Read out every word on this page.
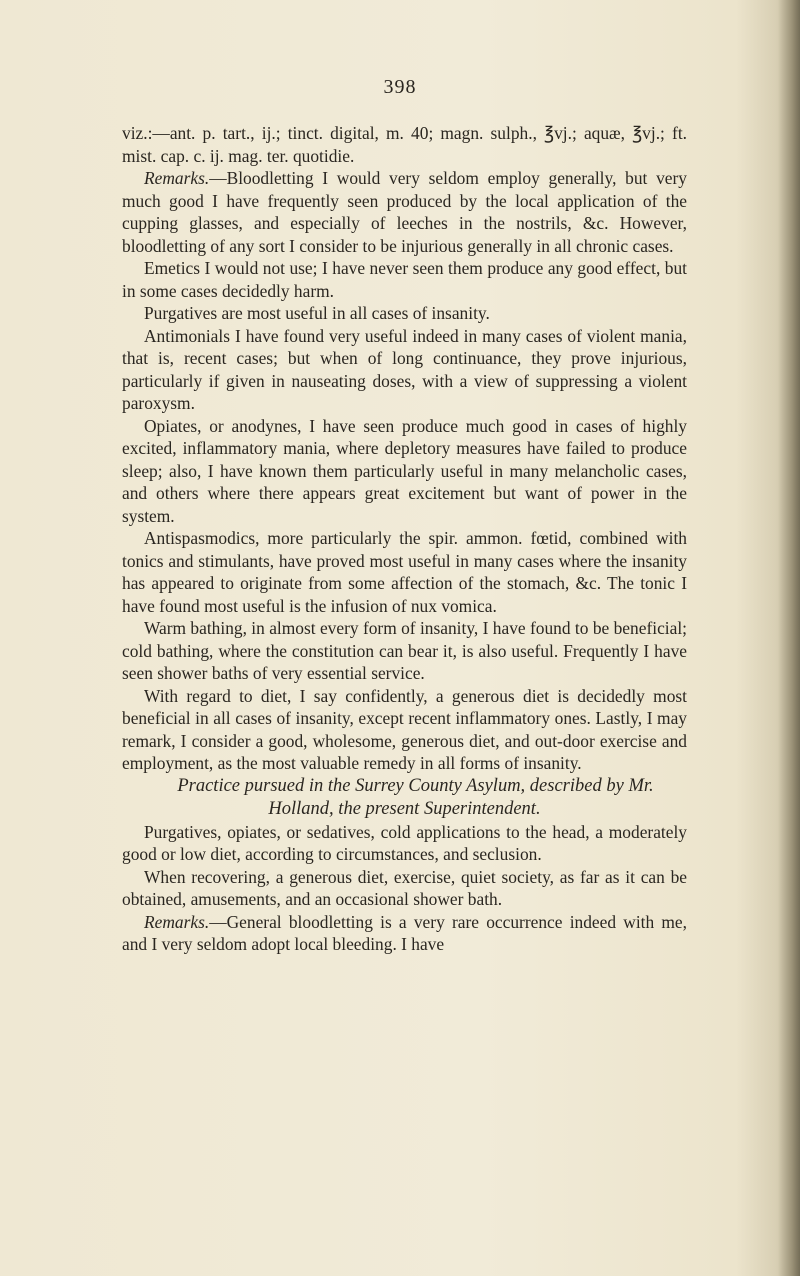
398

viz.:—ant. p. tart., ij.; tinct. digital, m. 40; magn. sulph., ℥vj.; aquæ, ℥vj.; ft. mist. cap. c. ij. mag. ter. quotidie.

Remarks.—Bloodletting I would very seldom employ generally, but very much good I have frequently seen produced by the local application of the cupping glasses, and especially of leeches in the nostrils, &c. However, bloodletting of any sort I consider to be injurious generally in all chronic cases.

Emetics I would not use; I have never seen them produce any good effect, but in some cases decidedly harm.

Purgatives are most useful in all cases of insanity.

Antimonials I have found very useful indeed in many cases of violent mania, that is, recent cases; but when of long continuance, they prove injurious, particularly if given in nauseating doses, with a view of suppressing a violent paroxysm.

Opiates, or anodynes, I have seen produce much good in cases of highly excited, inflammatory mania, where depletory measures have failed to produce sleep; also, I have known them particularly useful in many melancholic cases, and others where there appears great excitement but want of power in the system.

Antispasmodics, more particularly the spir. ammon. fœtid, combined with tonics and stimulants, have proved most useful in many cases where the insanity has appeared to originate from some affection of the stomach, &c. The tonic I have found most useful is the infusion of nux vomica.

Warm bathing, in almost every form of insanity, I have found to be beneficial; cold bathing, where the constitution can bear it, is also useful. Frequently I have seen shower baths of very essential service.

With regard to diet, I say confidently, a generous diet is decidedly most beneficial in all cases of insanity, except recent inflammatory ones. Lastly, I may remark, I consider a good, wholesome, generous diet, and out-door exercise and employment, as the most valuable remedy in all forms of insanity.

Practice pursued in the Surrey County Asylum, described by Mr. Holland, the present Superintendent.

Purgatives, opiates, or sedatives, cold applications to the head, a moderately good or low diet, according to circumstances, and seclusion.

When recovering, a generous diet, exercise, quiet society, as far as it can be obtained, amusements, and an occasional shower bath.

Remarks.—General bloodletting is a very rare occurrence indeed with me, and I very seldom adopt local bleeding. I have
